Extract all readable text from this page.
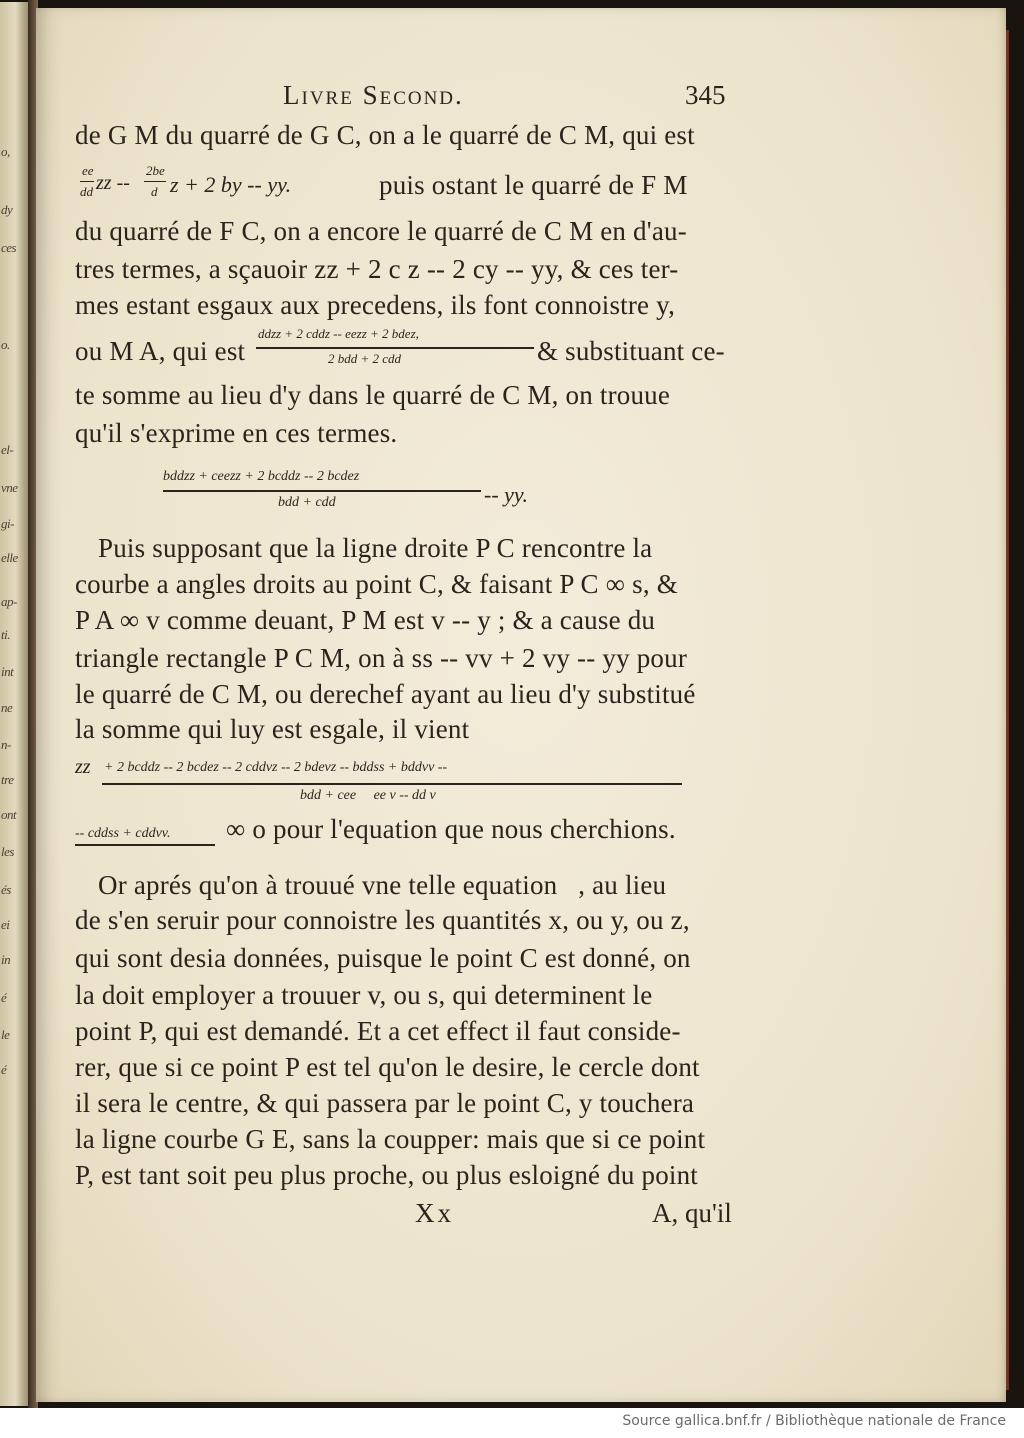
o,
dy
ces
o.
el-
vne
gi-
elle
ap-
ti.
int
ne
n-
tre
ont
les
és
ei
in
é
le
é
Livre Second.	345
de G M du quarré de G C, on a le quarré de C M, qui est
ee
dd zz --
2be
d z + 2 by -- yy.	puis ostant le quarré de F M
du quarré de F C, on a encore le quarré de C M en d'au-
tres termes, a sçauoir zz + 2 c z -- 2 cy -- yy, & ces ter-
mes estant esgaux aux precedens, ils font connoistre y,
ou M A, qui est
ddzz + 2 cddz -- eezz + 2 bdez,
2 bdd + 2 cdd	& substituant ce-
te somme au lieu d'y dans le quarré de C M, on trouue
qu'il s'exprime en ces termes.
bddzz + ceezz + 2 bcddz -- 2 bcdez
bdd + cdd	-- yy.
Puis supposant que la ligne droite P C rencontre la
courbe a angles droits au point C, & faisant P C ∞ s, &
P A ∞ v comme deuant, P M est v -- y ; & a cause du
triangle rectangle P C M, on à ss -- vv + 2 vy -- yy pour
le quarré de C M, ou derechef ayant au lieu d'y substitué
la somme qui luy est esgale, il vient
zz + 2 bcddz -- 2 bcdez -- 2 cddvz -- 2 bdevz -- bddss + bddvv --
bdd + cee     ee v -- dd v
-- cddss + cddvv. ∞ o pour l'equation que nous cherchions.
Or aprés qu'on à trouué vne telle equation   , au lieu
de s'en seruir pour connoistre les quantités x, ou y, ou z,
qui sont desia données, puisque le point C est donné, on
la doit employer a trouuer v, ou s, qui determinent le
point P, qui est demandé. Et a cet effect il faut conside-
rer, que si ce point P est tel qu'on le desire, le cercle dont
il sera le centre, & qui passera par le point C, y touchera
la ligne courbe G E, sans la coupper: mais que si ce point
P, est tant soit peu plus proche, ou plus esloigné du point
Xx	A, qu'il
Source gallica.bnf.fr / Bibliothèque nationale de France
